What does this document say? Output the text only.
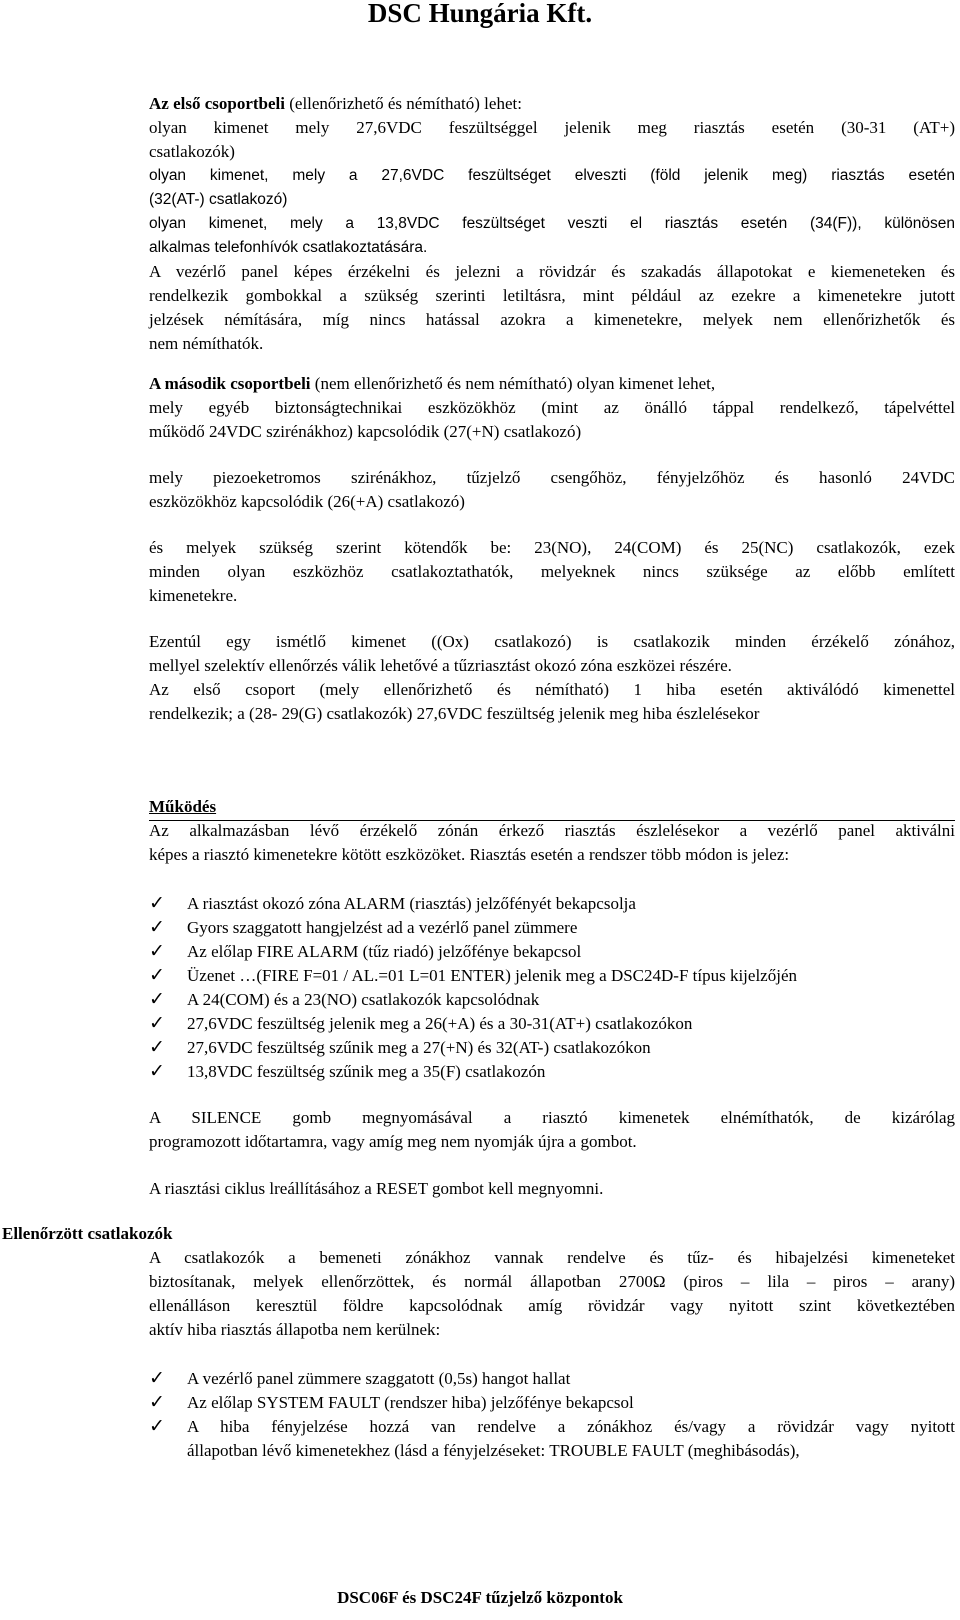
DSC Hungária Kft.
Az első csoportbeli (ellenőrizhető és némítható) lehet:
olyan kimenet mely 27,6VDC feszültséggel jelenik meg riasztás esetén (30-31 (AT+)
csatlakozók)
olyan kimenet, mely a 27,6VDC feszültséget elveszti (föld jelenik meg) riasztás esetén
(32(AT-) csatlakozó)
olyan kimenet, mely a 13,8VDC feszültséget veszti el riasztás esetén (34(F)), különösen
alkalmas telefonhívók csatlakoztatására.
A vezérlő panel képes érzékelni és jelezni a rövidzár és szakadás állapotokat e kiemeneteken és
rendelkezik gombokkal a szükség szerinti letiltásra, mint például az ezekre a kimenetekre jutott
jelzések némítására, míg nincs hatással azokra a kimenetekre, melyek nem ellenőrizhetők és
nem némíthatók.
A második csoportbeli (nem ellenőrizhető és nem némítható) olyan kimenet lehet,
mely egyéb biztonságtechnikai eszközökhöz (mint az önálló táppal rendelkező, tápelvéttel
működő 24VDC szirénákhoz) kapcsolódik (27(+N) csatlakozó)
mely piezoeketromos szirénákhoz, tűzjelző csengőhöz, fényjelzőhöz és hasonló 24VDC
eszközökhöz kapcsolódik (26(+A) csatlakozó)
és melyek szükség szerint kötendők be: 23(NO), 24(COM) és 25(NC) csatlakozók, ezek
minden olyan eszközhöz csatlakoztathatók, melyeknek nincs szüksége az előbb említett
kimenetekre.
Ezentúl egy ismétlő kimenet ((Ox) csatlakozó) is csatlakozik minden érzékelő zónához,
mellyel szelektív ellenőrzés válik lehetővé a tűzriasztást okozó zóna eszközei részére.
Az első csoport (mely ellenőrizhető és némítható) 1 hiba esetén aktiválódó kimenettel
rendelkezik; a (28- 29(G) csatlakozók) 27,6VDC feszültség jelenik meg hiba észlelésekor
Működés
Az alkalmazásban lévő érzékelő zónán érkező riasztás észlelésekor a vezérlő panel aktiválni
képes a riasztó kimenetekre kötött eszközöket. Riasztás esetén a rendszer több módon is jelez:
✓ A riasztást okozó zóna ALARM (riasztás) jelzőfényét bekapcsolja
✓ Gyors szaggatott hangjelzést ad a vezérlő panel zümmere
✓ Az előlap FIRE ALARM (tűz riadó) jelzőfénye bekapcsol
✓ Üzenet …(FIRE F=01 / AL.=01 L=01 ENTER) jelenik meg a DSC24D-F típus kijelzőjén
✓ A 24(COM) és a 23(NO) csatlakozók kapcsolódnak
✓ 27,6VDC feszültség jelenik meg a 26(+A) és a 30-31(AT+) csatlakozókon
✓ 27,6VDC feszültség szűnik meg a 27(+N) és 32(AT-) csatlakozókon
✓ 13,8VDC feszültség szűnik meg a 35(F) csatlakozón
A SILENCE gomb megnyomásával a riasztó kimenetek elnémíthatók, de kizárólag
programozott időtartamra, vagy amíg meg nem nyomják újra a gombot.
A riasztási ciklus lreállításához a RESET gombot kell megnyomni.
Ellenőrzött csatlakozók
A csatlakozók a bemeneti zónákhoz vannak rendelve és tűz- és hibajelzési kimeneteket
biztosítanak, melyek ellenőrzöttek, és normál állapotban 2700Ω (piros – lila – piros – arany)
ellenálláson keresztül földre kapcsolódnak amíg rövidzár vagy nyitott szint következtében
aktív hiba riasztás állapotba nem kerülnek:
✓ A vezérlő panel zümmere szaggatott (0,5s) hangot hallat
✓ Az előlap SYSTEM FAULT (rendszer hiba) jelzőfénye bekapcsol
✓ A hiba fényjelzése hozzá van rendelve a zónákhoz és/vagy a rövidzár vagy nyitott
állapotban lévő kimenetekhez (lásd a fényjelzéseket: TROUBLE FAULT (meghibásodás),
DSC06F és DSC24F tűzjelző központok
